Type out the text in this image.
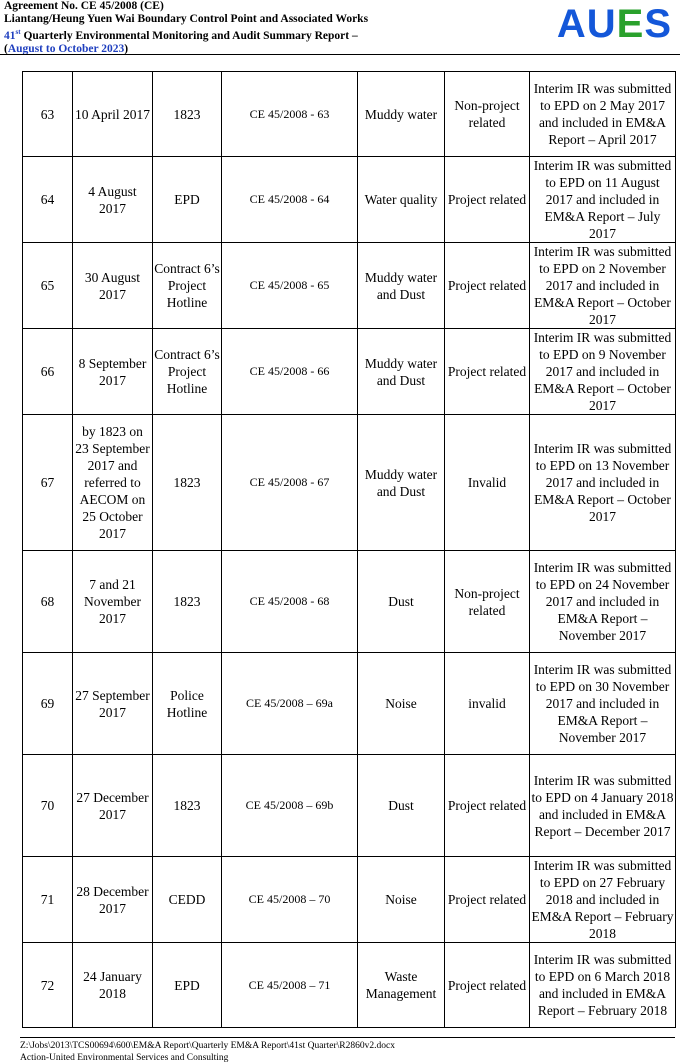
Agreement No. CE 45/2008 (CE)
Liantang/Heung Yuen Wai Boundary Control Point and Associated Works
41st Quarterly Environmental Monitoring and Audit Summary Report –
(August to October 2023)
AUES
63	10 April 2017	1823	CE 45/2008 - 63	Muddy water	Non-project related	Interim IR was submitted to EPD on 2 May 2017 and included in EM&A Report – April 2017
64	4 August 2017	EPD	CE 45/2008 - 64	Water quality	Project related	Interim IR was submitted to EPD on 11 August 2017 and included in EM&A Report – July 2017
65	30 August 2017	Contract 6’s Project Hotline	CE 45/2008 - 65	Muddy water and Dust	Project related	Interim IR was submitted to EPD on 2 November 2017 and included in EM&A Report – October 2017
66	8 September 2017	Contract 6’s Project Hotline	CE 45/2008 - 66	Muddy water and Dust	Project related	Interim IR was submitted to EPD on 9 November 2017 and included in EM&A Report – October 2017
67	by 1823 on 23 September 2017 and referred to AECOM on 25 October 2017	1823	CE 45/2008 - 67	Muddy water and Dust	Invalid	Interim IR was submitted to EPD on 13 November 2017 and included in EM&A Report – October 2017
68	7 and 21 November 2017	1823	CE 45/2008 - 68	Dust	Non-project related	Interim IR was submitted to EPD on 24 November 2017 and included in EM&A Report – November 2017
69	27 September 2017	Police Hotline	CE 45/2008 – 69a	Noise	invalid	Interim IR was submitted to EPD on 30 November 2017 and included in EM&A Report – November 2017
70	27 December 2017	1823	CE 45/2008 – 69b	Dust	Project related	Interim IR was submitted to EPD on 4 January 2018 and included in EM&A Report – December 2017
71	28 December 2017	CEDD	CE 45/2008 – 70	Noise	Project related	Interim IR was submitted to EPD on 27 February 2018 and included in EM&A Report – February 2018
72	24 January 2018	EPD	CE 45/2008 – 71	Waste Management	Project related	Interim IR was submitted to EPD on 6 March 2018 and included in EM&A Report – February 2018
Z:\Jobs\2013\TCS00694\600\EM&A Report\Quarterly EM&A Report\41st Quarter\R2860v2.docx
Action-United Environmental Services and Consulting
